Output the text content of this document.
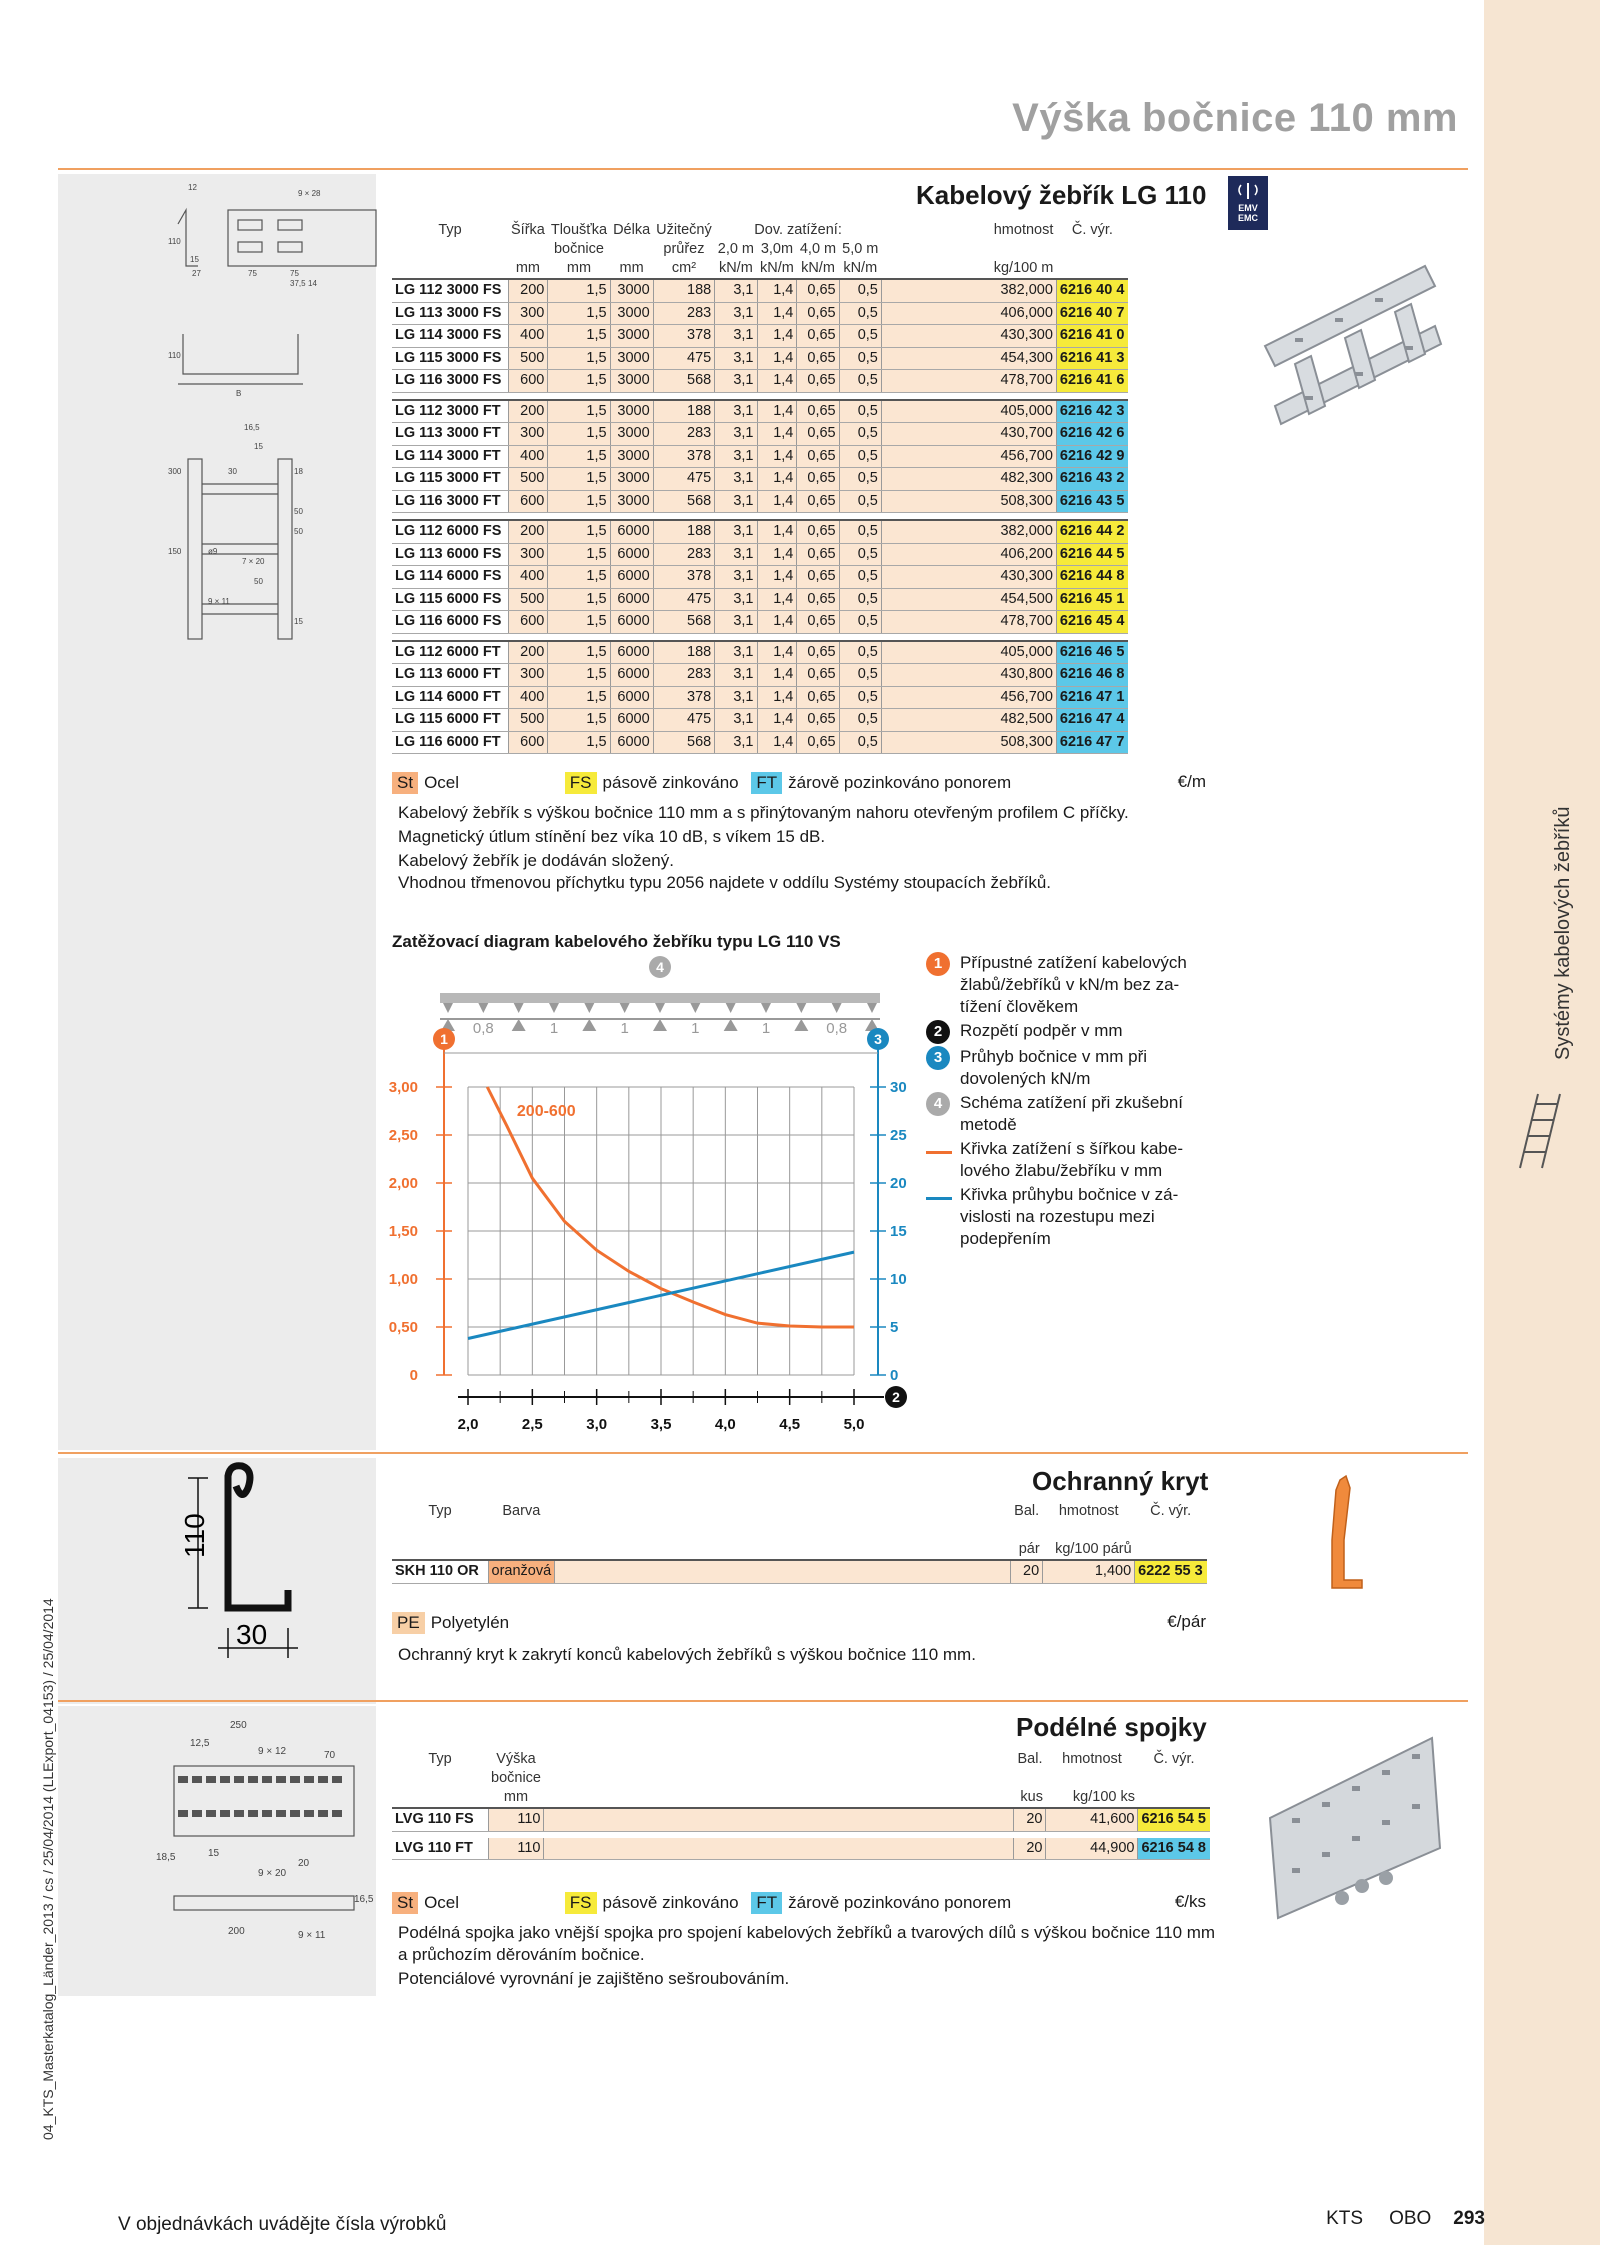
Systémy kabelových žebříků
Výška bočnice 110 mm
12
9 × 28
110
15
75
27	75
37,5 14
110
B
16,5
15
300	18
30
50
50
150	ø9
7 × 20
50
9 × 11
15
Kabelový žebřík LG 110	EMV
EMC
Typ	Šířka	Tloušťka	Délka	Užitečný	Dov. zatížení:				hmotnost	Č. výr.
		bočnice		průřez	2,0 m	3,0m	4,0 m	5,0 m		
	mm	mm	mm	cm²	kN/m	kN/m	kN/m	kN/m	kg/100 m	
LG 112 3000 FS	200	1,5	3000	188	3,1	1,4	0,65	0,5	382,000	6216 40 4
LG 113 3000 FS	300	1,5	3000	283	3,1	1,4	0,65	0,5	406,000	6216 40 7
LG 114 3000 FS	400	1,5	3000	378	3,1	1,4	0,65	0,5	430,300	6216 41 0
LG 115 3000 FS	500	1,5	3000	475	3,1	1,4	0,65	0,5	454,300	6216 41 3
LG 116 3000 FS	600	1,5	3000	568	3,1	1,4	0,65	0,5	478,700	6216 41 6

LG 112 3000 FT	200	1,5	3000	188	3,1	1,4	0,65	0,5	405,000	6216 42 3
LG 113 3000 FT	300	1,5	3000	283	3,1	1,4	0,65	0,5	430,700	6216 42 6
LG 114 3000 FT	400	1,5	3000	378	3,1	1,4	0,65	0,5	456,700	6216 42 9
LG 115 3000 FT	500	1,5	3000	475	3,1	1,4	0,65	0,5	482,300	6216 43 2
LG 116 3000 FT	600	1,5	3000	568	3,1	1,4	0,65	0,5	508,300	6216 43 5

LG 112 6000 FS	200	1,5	6000	188	3,1	1,4	0,65	0,5	382,000	6216 44 2
LG 113 6000 FS	300	1,5	6000	283	3,1	1,4	0,65	0,5	406,200	6216 44 5
LG 114 6000 FS	400	1,5	6000	378	3,1	1,4	0,65	0,5	430,300	6216 44 8
LG 115 6000 FS	500	1,5	6000	475	3,1	1,4	0,65	0,5	454,500	6216 45 1
LG 116 6000 FS	600	1,5	6000	568	3,1	1,4	0,65	0,5	478,700	6216 45 4

LG 112 6000 FT	200	1,5	6000	188	3,1	1,4	0,65	0,5	405,000	6216 46 5
LG 113 6000 FT	300	1,5	6000	283	3,1	1,4	0,65	0,5	430,800	6216 46 8
LG 114 6000 FT	400	1,5	6000	378	3,1	1,4	0,65	0,5	456,700	6216 47 1
LG 115 6000 FT	500	1,5	6000	475	3,1	1,4	0,65	0,5	482,500	6216 47 4
LG 116 6000 FT	600	1,5	6000	568	3,1	1,4	0,65	0,5	508,300	6216 47 7
St Ocel	FS pásově zinkováno FT žárově pozinkováno ponorem	€/m

Kabelový žebřík s výškou bočnice 110 mm a s přinýtovaným nahoru otevřeným profilem C příčky.

Magnetický útlum stínění bez víka 10 dB, s víkem 15 dB.

Kabelový žebřík je dodáván složený.

Vhodnou třmenovou příchytku typu 2056 najdete v oddílu Systémy stoupacích žebříků.

Zatěžovací diagram kabelového žebříku typu LG 110 VS
0
0,50
1,00
1,50
2,00
2,50
3,00
0
5
10
15
20
25
30
2,0	2,5	3,0	3,5	4,0	4,5	5,0
0,8	1	1	1	1	0,8
1	3
2
4
200-600
1	Přípustné zatížení kabelových žlabů/žebříků v kN/m bez za-tížení člověkem
2	Rozpětí podpěr v mm
3	Průhyb bočnice v mm při dovolených kN/m
4	Schéma zatížení při zkušební metodě
Křivka zatížení s šířkou kabe-lového žlabu/žebříku v mm
Křivka průhybu bočnice v zá-vislosti na rozestupu mezi podepřením
110
30
Ochranný kryt
Typ	Barva		Bal.	hmotnost	Č. výr.

			pár	kg/100 párů	
SKH 110 OR	oranžová		20	1,400	6222 55 3
PE Polyetylén	€/pár
Ochranný kryt k zakrytí konců kabelových žebříků s výškou bočnice 110 mm.
250
12,5
9 × 12	70
20
18,5	15
9 × 20
16,5
200	9 × 11
Podélné spojky
Typ	Výška		Bal.	hmotnost	Č. výr.
	bočnice				
	mm		kus	kg/100 ks	
LVG 110 FS	110		20	41,600	6216 54 5

LVG 110 FT	110		20	44,900	6216 54 8
St Ocel	FS pásově zinkováno FT žárově pozinkováno ponorem	€/ks

Podélná spojka jako vnější spojka pro spojení kabelových žebříků a tvarových dílů s výškou bočnice 110 mm a průchozím děrováním bočnice.

Potenciálové vyrovnání je zajištěno sešroubováním.

04_KTS_Masterkatalog_Länder_2013 / cs / 25/04/2014 (LLExport_04153) / 25/04/2014
V objednávkách uvádějte čísla výrobků	KTS OBO 293
